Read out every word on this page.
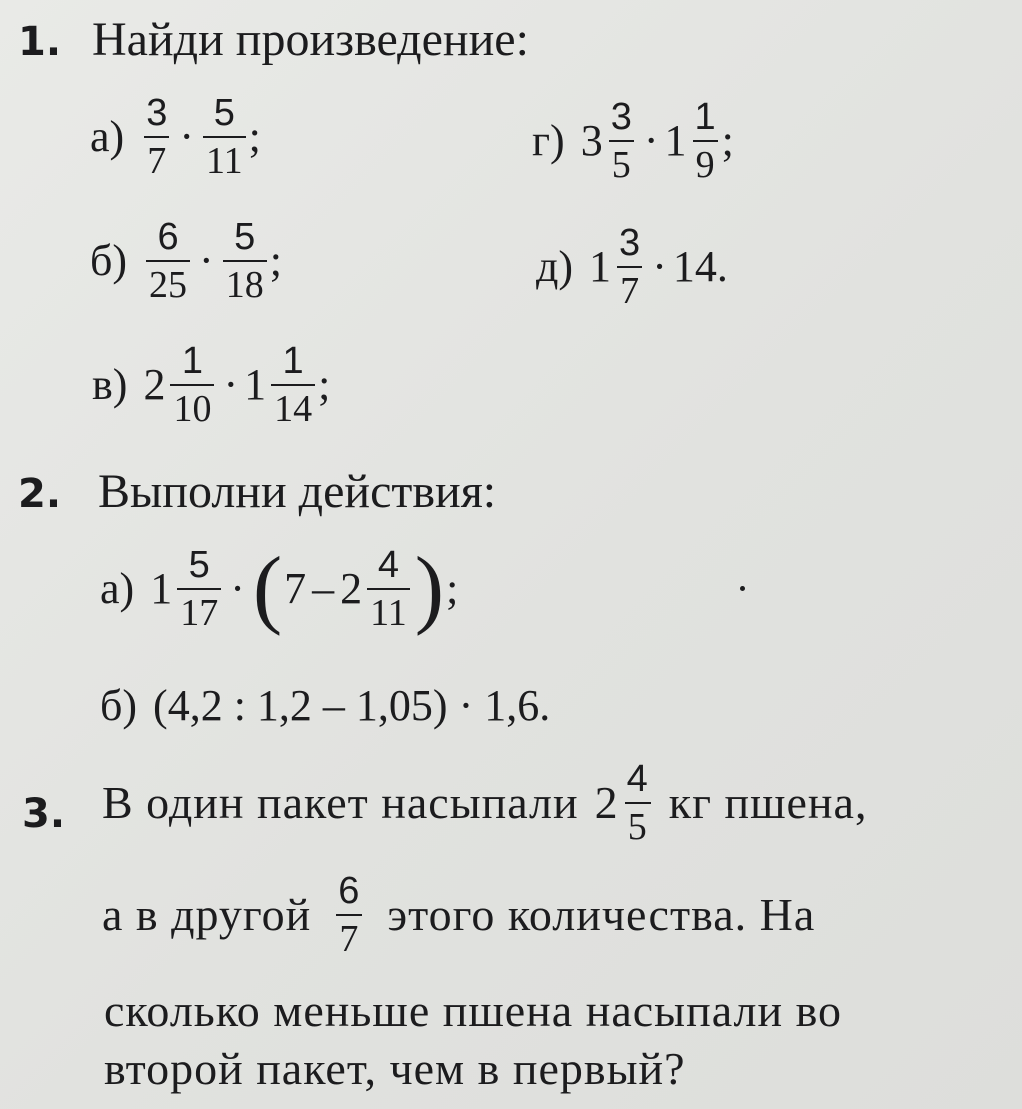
1. Найди произведение:
$а) \frac{3}{7} \cdot \frac{5}{11}$ ;	г) $3 \frac{3}{5} \cdot 1 \frac{1}{9}$ ;
$б) \frac{6}{25} \cdot \frac{5}{18}$ ;	д) $1 \frac{3}{7} \cdot 14$.
в) $2 \frac{1}{10} \cdot 1 \frac{1}{14}$ ;
2. Выполни действия:
а) $1 \frac{5}{17}$ · ( $7 - 2 \frac{4}{11}$ ) ;
б) (4,2 : 1,2 – 1,05) · 1,6.
3. В один пакет насыпали $2 \frac{4}{5}$ кг пшена,
а в другой $\frac{6}{7}$ этого количества. На
сколько меньше пшена насыпали во
второй пакет, чем в первый?
